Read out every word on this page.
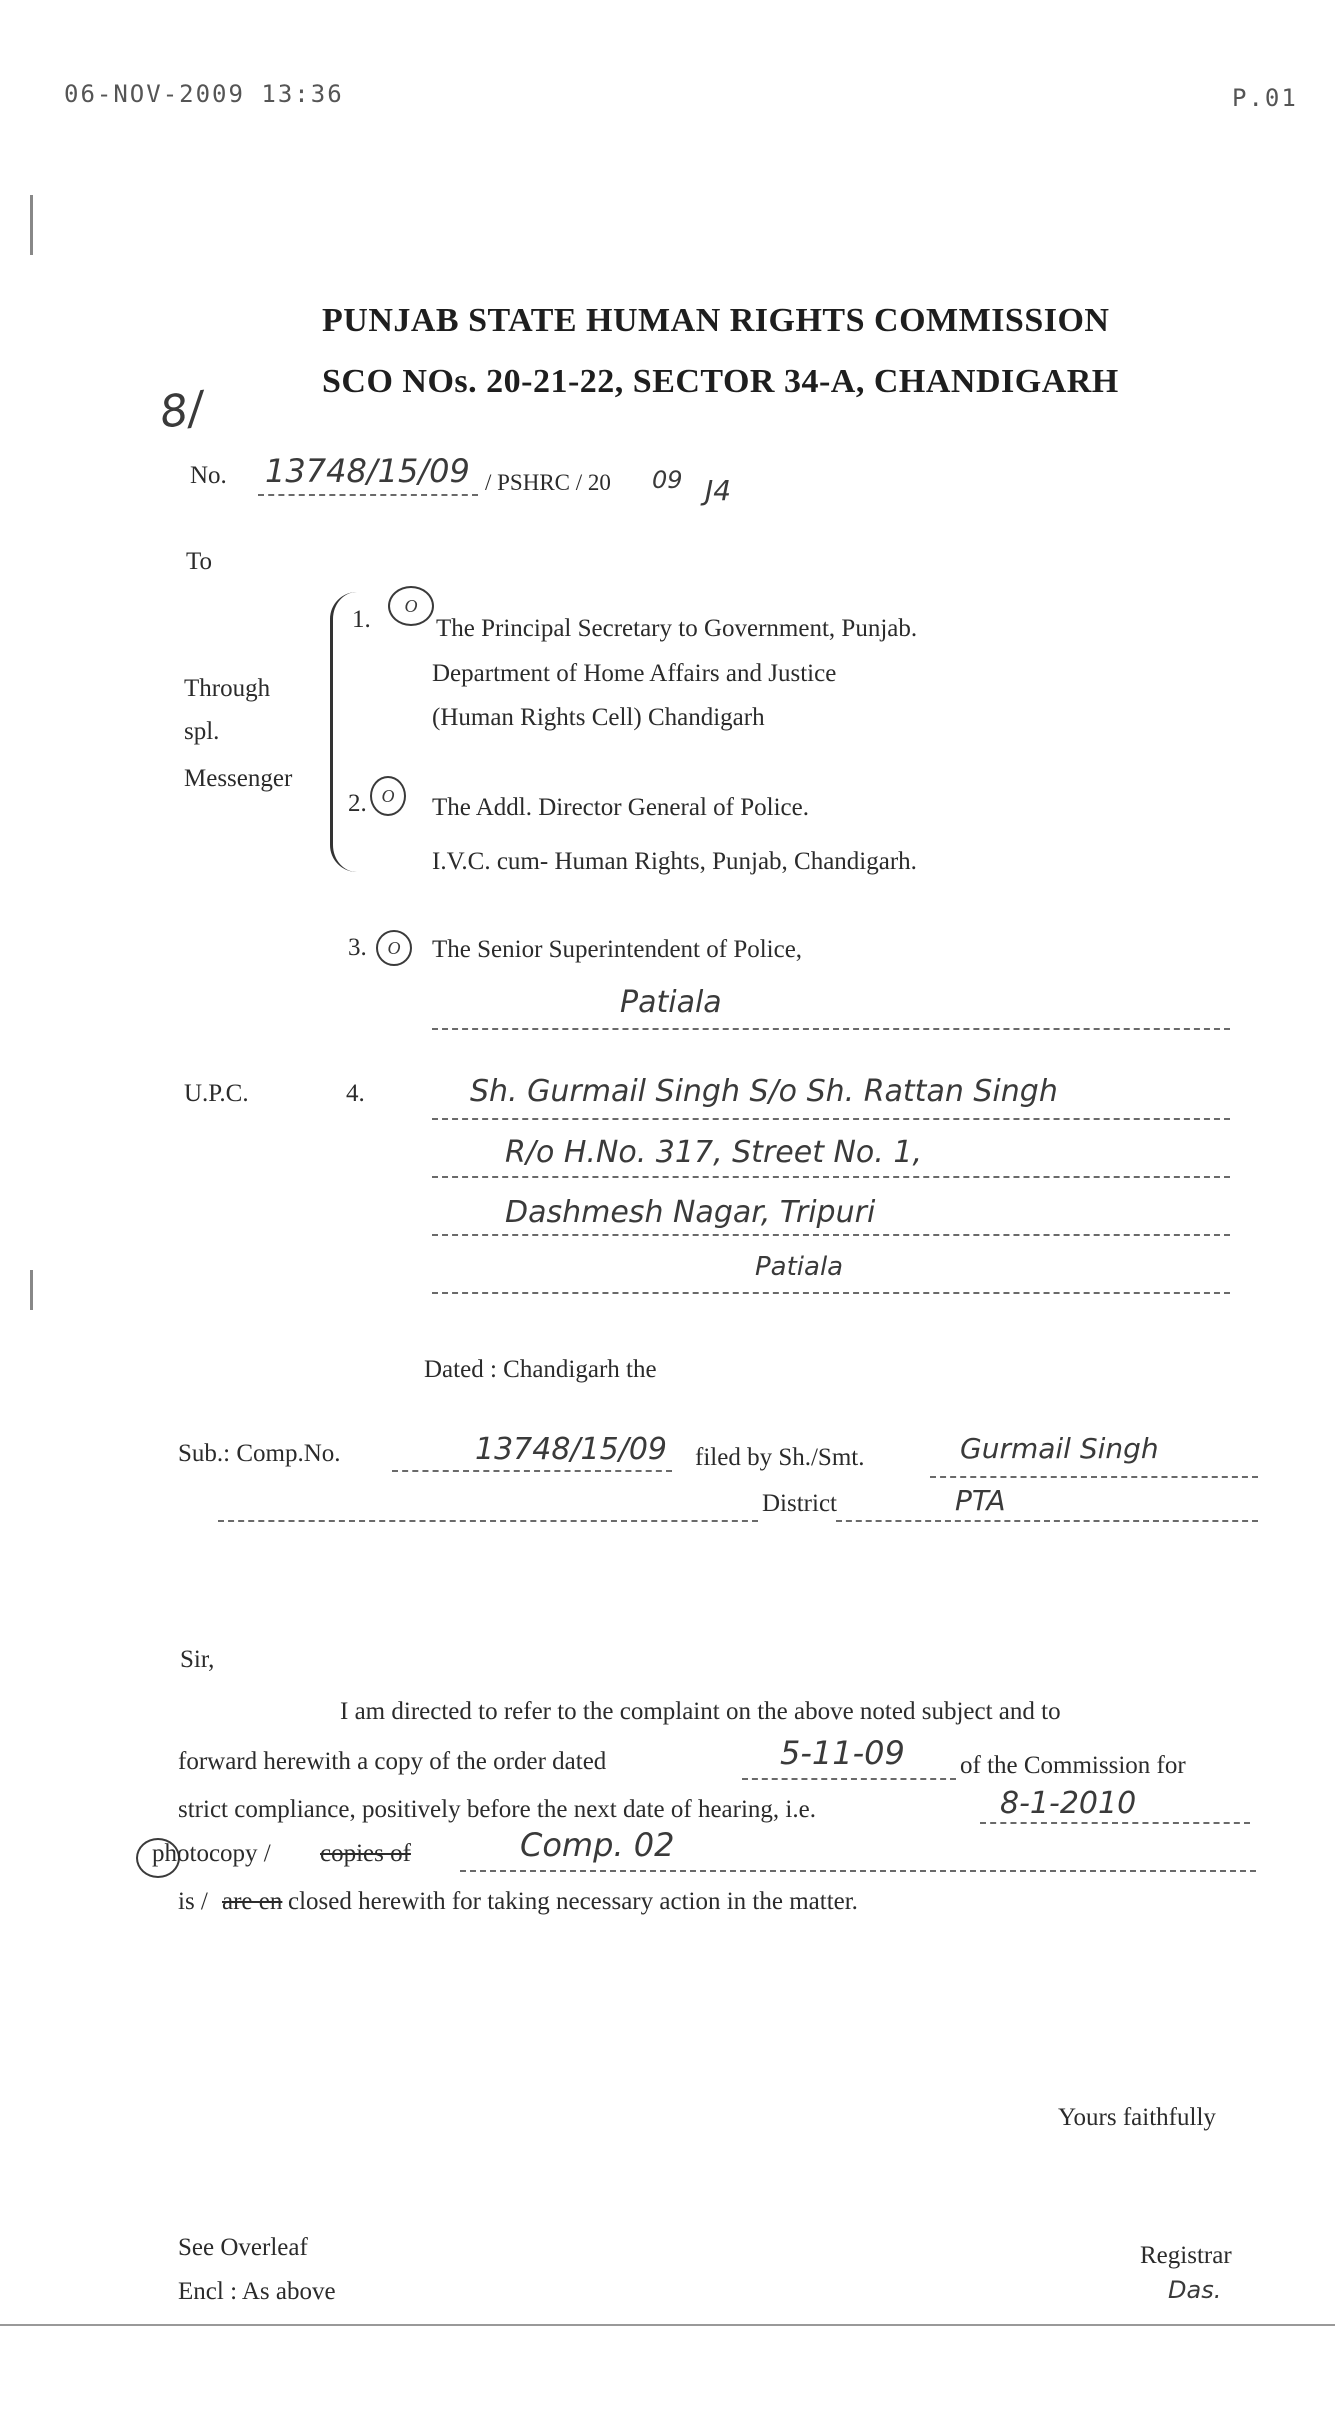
06-NOV-2009 13:36	P.01
PUNJAB STATE HUMAN RIGHTS COMMISSION
SCO NOs. 20-21-22, SECTOR 34-A, CHANDIGARH
8/
No. 13748/15/09 / PSHRC / 20 09 J4
To
Through
spl.
Messenger
1.	O
The Principal Secretary to Government, Punjab.
Department of Home Affairs and Justice
(Human Rights Cell) Chandigarh
2. O	The Addl. Director General of Police.
I.V.C. cum- Human Rights, Punjab, Chandigarh.
3.	O	The Senior Superintendent of Police,
Patiala
U.P.C.	4.	Sh. Gurmail Singh S/o Sh. Rattan Singh
R/o H.No. 317, Street No. 1,
Dashmesh Nagar, Tripuri
Patiala
Dated : Chandigarh the
Sub.: Comp.No.	13748/15/09 filed by Sh./Smt.	Gurmail Singh
District	PTA
Sir,
I am directed to refer to the complaint on the above noted subject and to
forward herewith a copy of the order dated	5-11-09 of the Commission for
strict compliance, positively before the next date of hearing, i.e.	8-1-2010
photocopy / copies of	Comp. 02
is / are en closed herewith for taking necessary action in the matter.
Yours faithfully
Registrar
Das.
See Overleaf
Encl : As above
